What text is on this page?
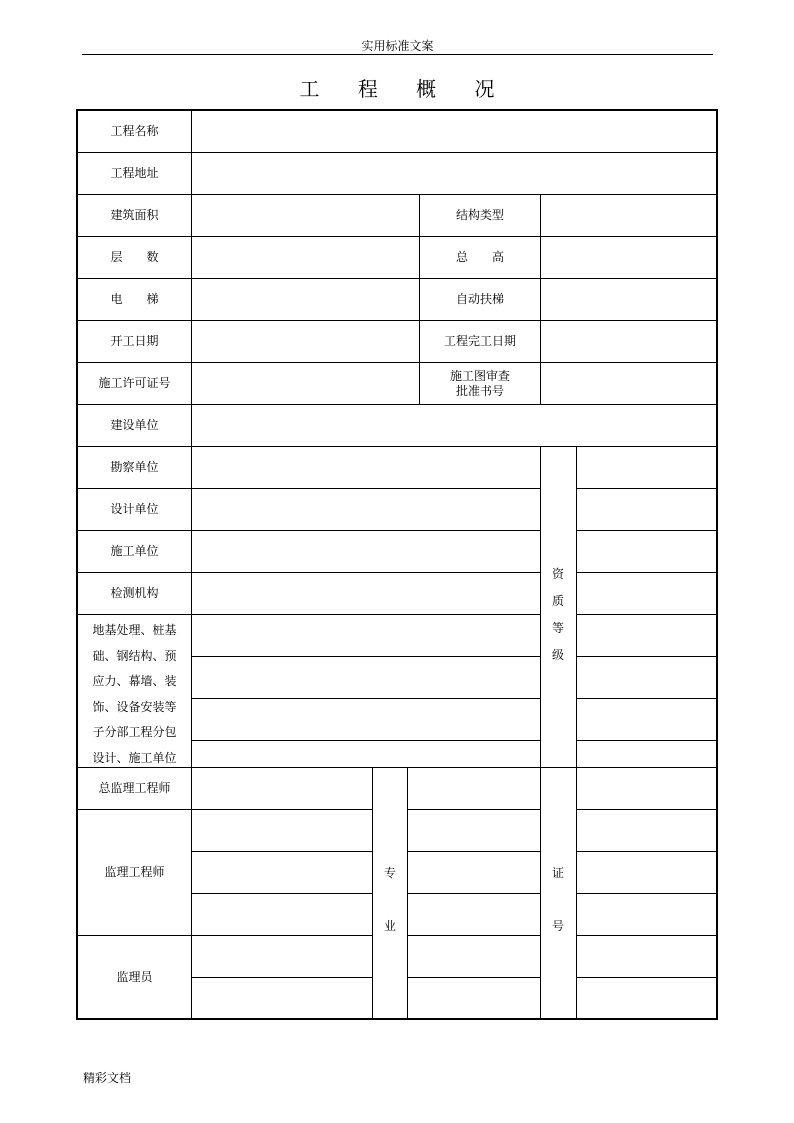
实用标准文案
工 程 概 况
工程名称
工程地址
建筑面积
层　　数
电　　梯
开工日期
施工许可证号
建设单位
勘察单位
设计单位
施工单位
检测机构
地基处理、桩基
础、钢结构、预
应力、幕墙、装
饰、设备安装等
子分部工程分包
设计、施工单位
总监理工程师
监理工程师
监理员
结构类型
总　　高
自动扶梯
工程完工日期
施工图审查
批准书号
资
质
等
级
专
业
证
号
精彩文档
